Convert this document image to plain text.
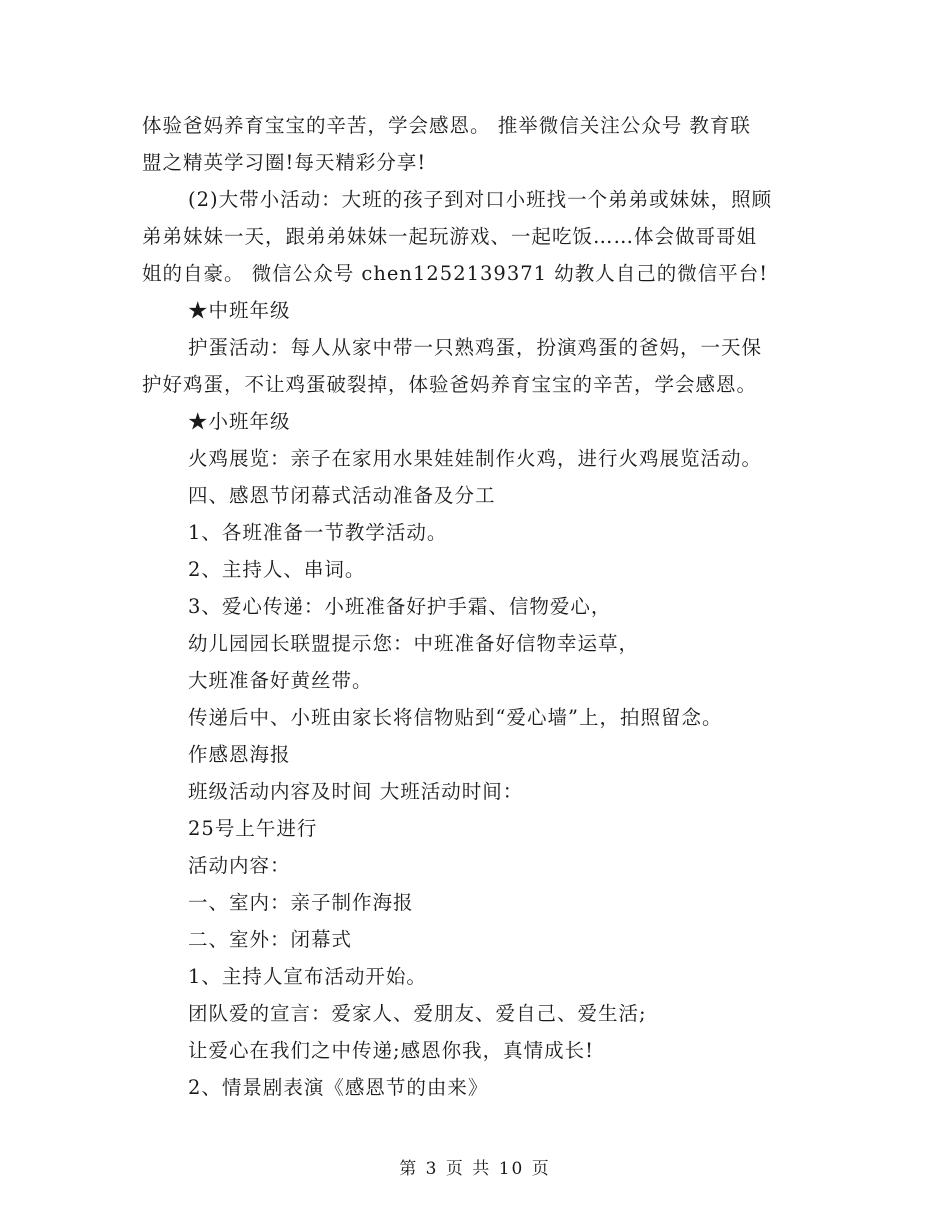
体验爸妈养育宝宝的辛苦，学会感恩。 推举微信关注公众号 教育联

盟之精英学习圈!每天精彩分享!

(2)大带小活动：大班的孩子到对口小班找一个弟弟或妹妹，照顾

弟弟妹妹一天，跟弟弟妹妹一起玩游戏、一起吃饭……体会做哥哥姐

姐的自豪。 微信公众号 chen1252139371 幼教人自己的微信平台!

★中班年级

护蛋活动：每人从家中带一只熟鸡蛋，扮演鸡蛋的爸妈，一天保

护好鸡蛋，不让鸡蛋破裂掉，体验爸妈养育宝宝的辛苦，学会感恩。

★小班年级

火鸡展览：亲子在家用水果娃娃制作火鸡，进行火鸡展览活动。

四、感恩节闭幕式活动准备及分工

1、各班准备一节教学活动。

2、主持人、串词。

3、爱心传递：小班准备好护手霜、信物爱心，

幼儿园园长联盟提示您：中班准备好信物幸运草，

大班准备好黄丝带。

传递后中、小班由家长将信物贴到“爱心墙”上，拍照留念。

作感恩海报

班级活动内容及时间 大班活动时间：

25号上午进行

活动内容：

一、室内：亲子制作海报

二、室外：闭幕式

1、主持人宣布活动开始。

团队爱的宣言：爱家人、爱朋友、爱自己、爱生活;

让爱心在我们之中传递;感恩你我，真情成长!

2、情景剧表演《感恩节的由来》

第 3 页 共 10 页
